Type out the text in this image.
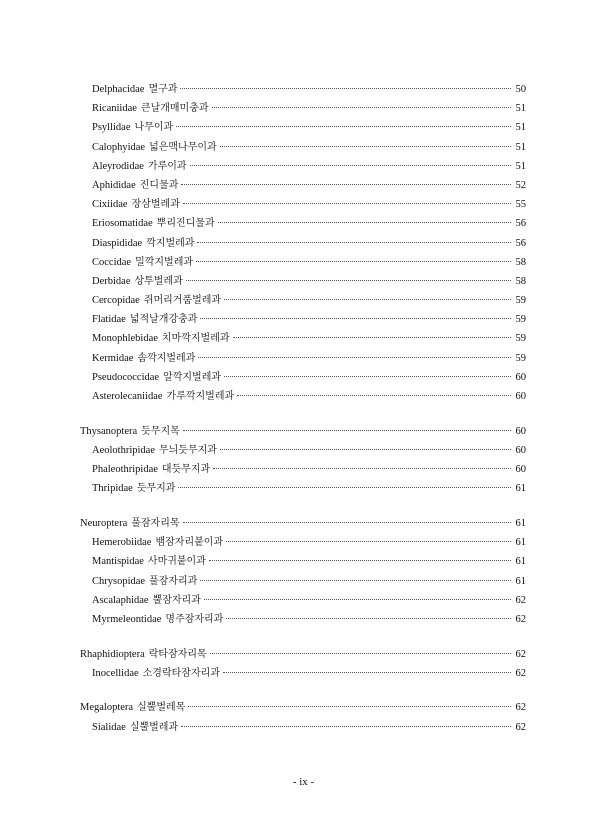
Delphacidae 멸구과	50
Ricaniidae 큰날개매미충과	51
Psyllidae 나무이과	51
Calophyidae 넓은맥나무이과	51
Aleyrodidae 가루이과	51
Aphididae 진디물과	52
Cixiidae 장삼벌레과	55
Eriosomatidae 뿌리진디물과	56
Diaspididae 깍지벌레과	56
Coccidae 밀깍지벌레과	58
Derbidae 상투벌레과	58
Cercopidae 쥐머리거품벌레과	59
Flatidae 넓적날개강충과	59
Monophlebidae 치마깍지벌레과	59
Kermidae 솜깍지벌레과	59
Pseudococcidae 알깍지벌레과	60
Asterolecaniidae 가루깍지벌레과	60
Thysanoptera 듯무지목	60
Aeolothripidae 무늬듯무지과	60
Phaleothripidae 대듯무지과	60
Thripidae 듯무지과	61
Neuroptera 풀잠자리목	61
Hemerobiidae 뱀잠자리붙이과	61
Mantispidae 사마귀붙이과	61
Chrysopidae 풀잠자리과	61
Ascalaphidae 뿔잠자리과	62
Myrmeleontidae 명주잠자리과	62
Rhaphidioptera 락타잠자리목	62
Inocellidae 소경락타잠자리과	62
Megaloptera 실뿔벌레목	62
Sialidae 실뿔벌레과	62
- ix -
